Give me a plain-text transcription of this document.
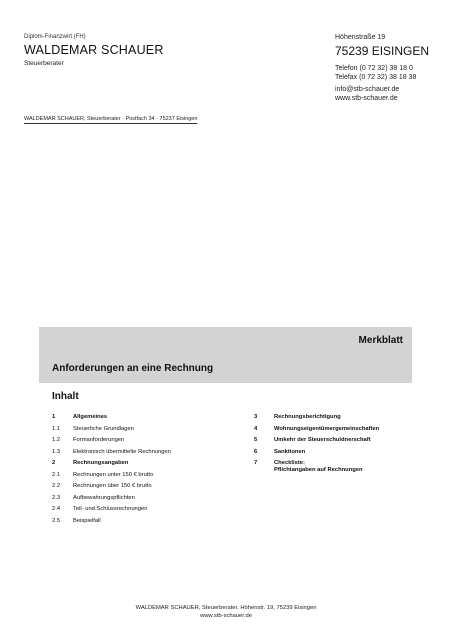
Diplom-Finanzwirt (FH)
WALDEMAR SCHAUER
Steuerberater
Höhenstraße 19
75239 EISINGEN
Telefon (0 72 32) 38 18 0
Telefax (0 72 32) 38 18 38
info@stb-schauer.de
www.stb-schauer.de
WALDEMAR SCHAUER, Steuerberater · Postfach 34 · 75237 Eisingen
Merkblatt
Anforderungen an eine Rechnung
Inhalt
1	Allgemeines
1.1 Steuerliche Grundlagen
1.2 Formanforderungen
1.3 Elektronisch übermittelte Rechnungen
2	Rechnungsangaben
2.1 Rechnungen unter 150 € brutto
2.2 Rechnungen über 150 € brutto
2.3 Aufbewahrungspflichten
2.4 Teil- und Schlussrechnungen
2.5 Beispielfall
3	Rechnungsberichtigung
4	Wohnungseigentümergemeinschaften
5	Umkehr der Steuerschuldnerschaft
6	Sanktionen
7	Checkliste:
Pflichtangaben auf Rechnungen
WALDEMAR SCHAUER, Steuerberater, Höhenstr. 19, 75239 Eisingen
www.stb-schauer.de
